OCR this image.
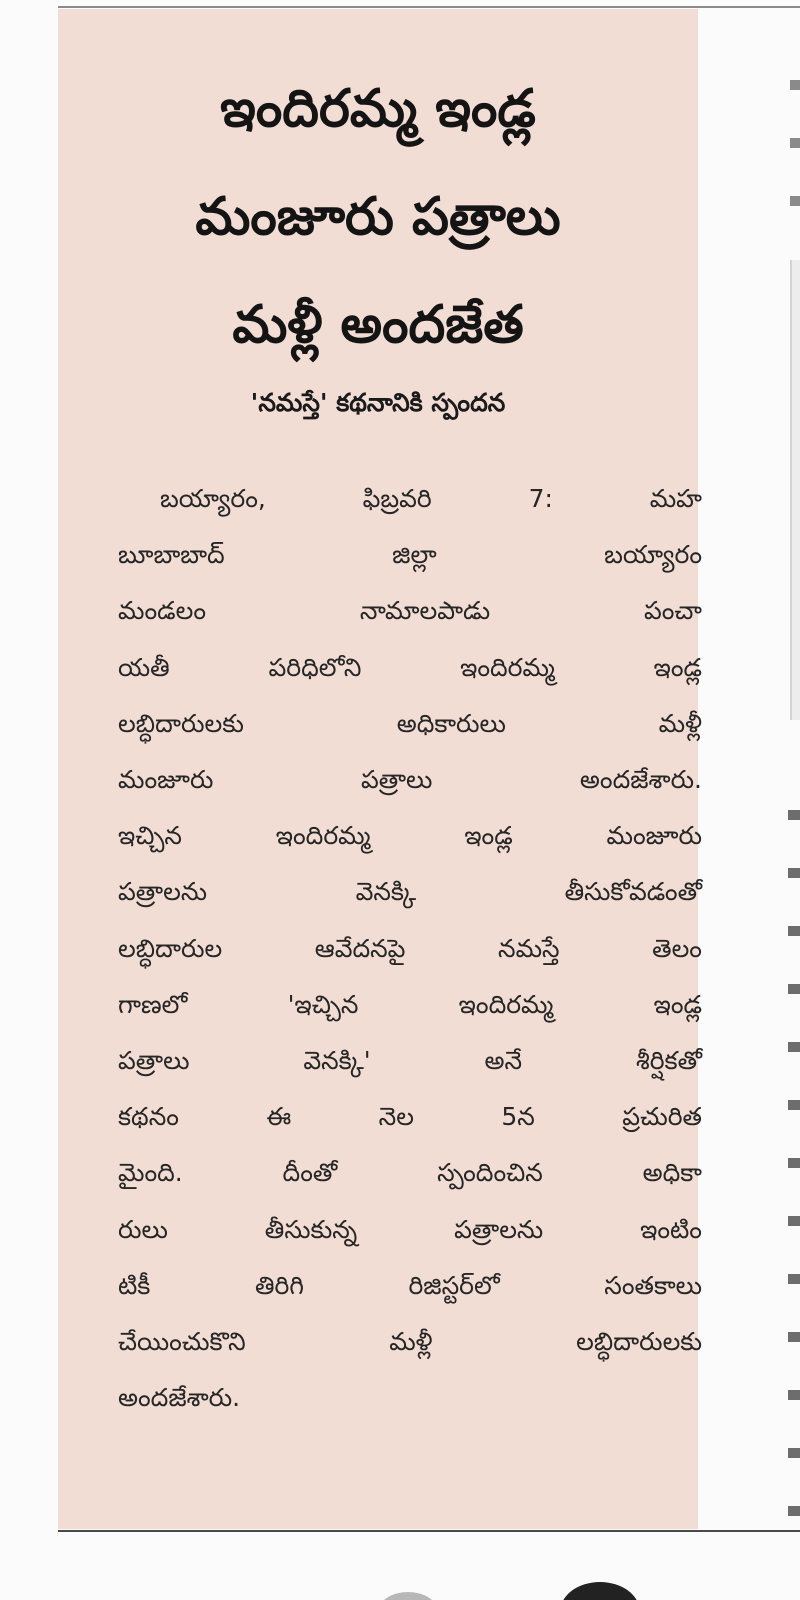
ఇందిరమ్మ ఇండ్ల
మంజూరు పత్రాలు
మళ్లీ అందజేత
'నమస్తే' కథనానికి స్పందన
బయ్యారం, ఫిబ్రవరి 7: మహ
బూబాబాద్ జిల్లా బయ్యారం
మండలం నామాలపాడు పంచా
యతీ పరిధిలోని ఇందిరమ్మ ఇండ్ల
లబ్ధిదారులకు అధికారులు మళ్లీ
మంజూరు పత్రాలు అందజేశారు.
ఇచ్చిన ఇందిరమ్మ ఇండ్ల మంజూరు
పత్రాలను వెనక్కి తీసుకోవడంతో
లబ్ధిదారుల ఆవేదనపై నమస్తే తెలం
గాణలో 'ఇచ్చిన ఇందిరమ్మ ఇండ్ల
పత్రాలు వెనక్కి' అనే శీర్షికతో
కథనం ఈ నెల 5న ప్రచురిత
మైంది. దీంతో స్పందించిన అధికా
రులు తీసుకున్న పత్రాలను ఇంటిం
టికీ తిరిగి రిజిస్టర్‌లో సంతకాలు
చేయించుకొని మళ్లీ లబ్ధిదారులకు
అందజేశారు.
